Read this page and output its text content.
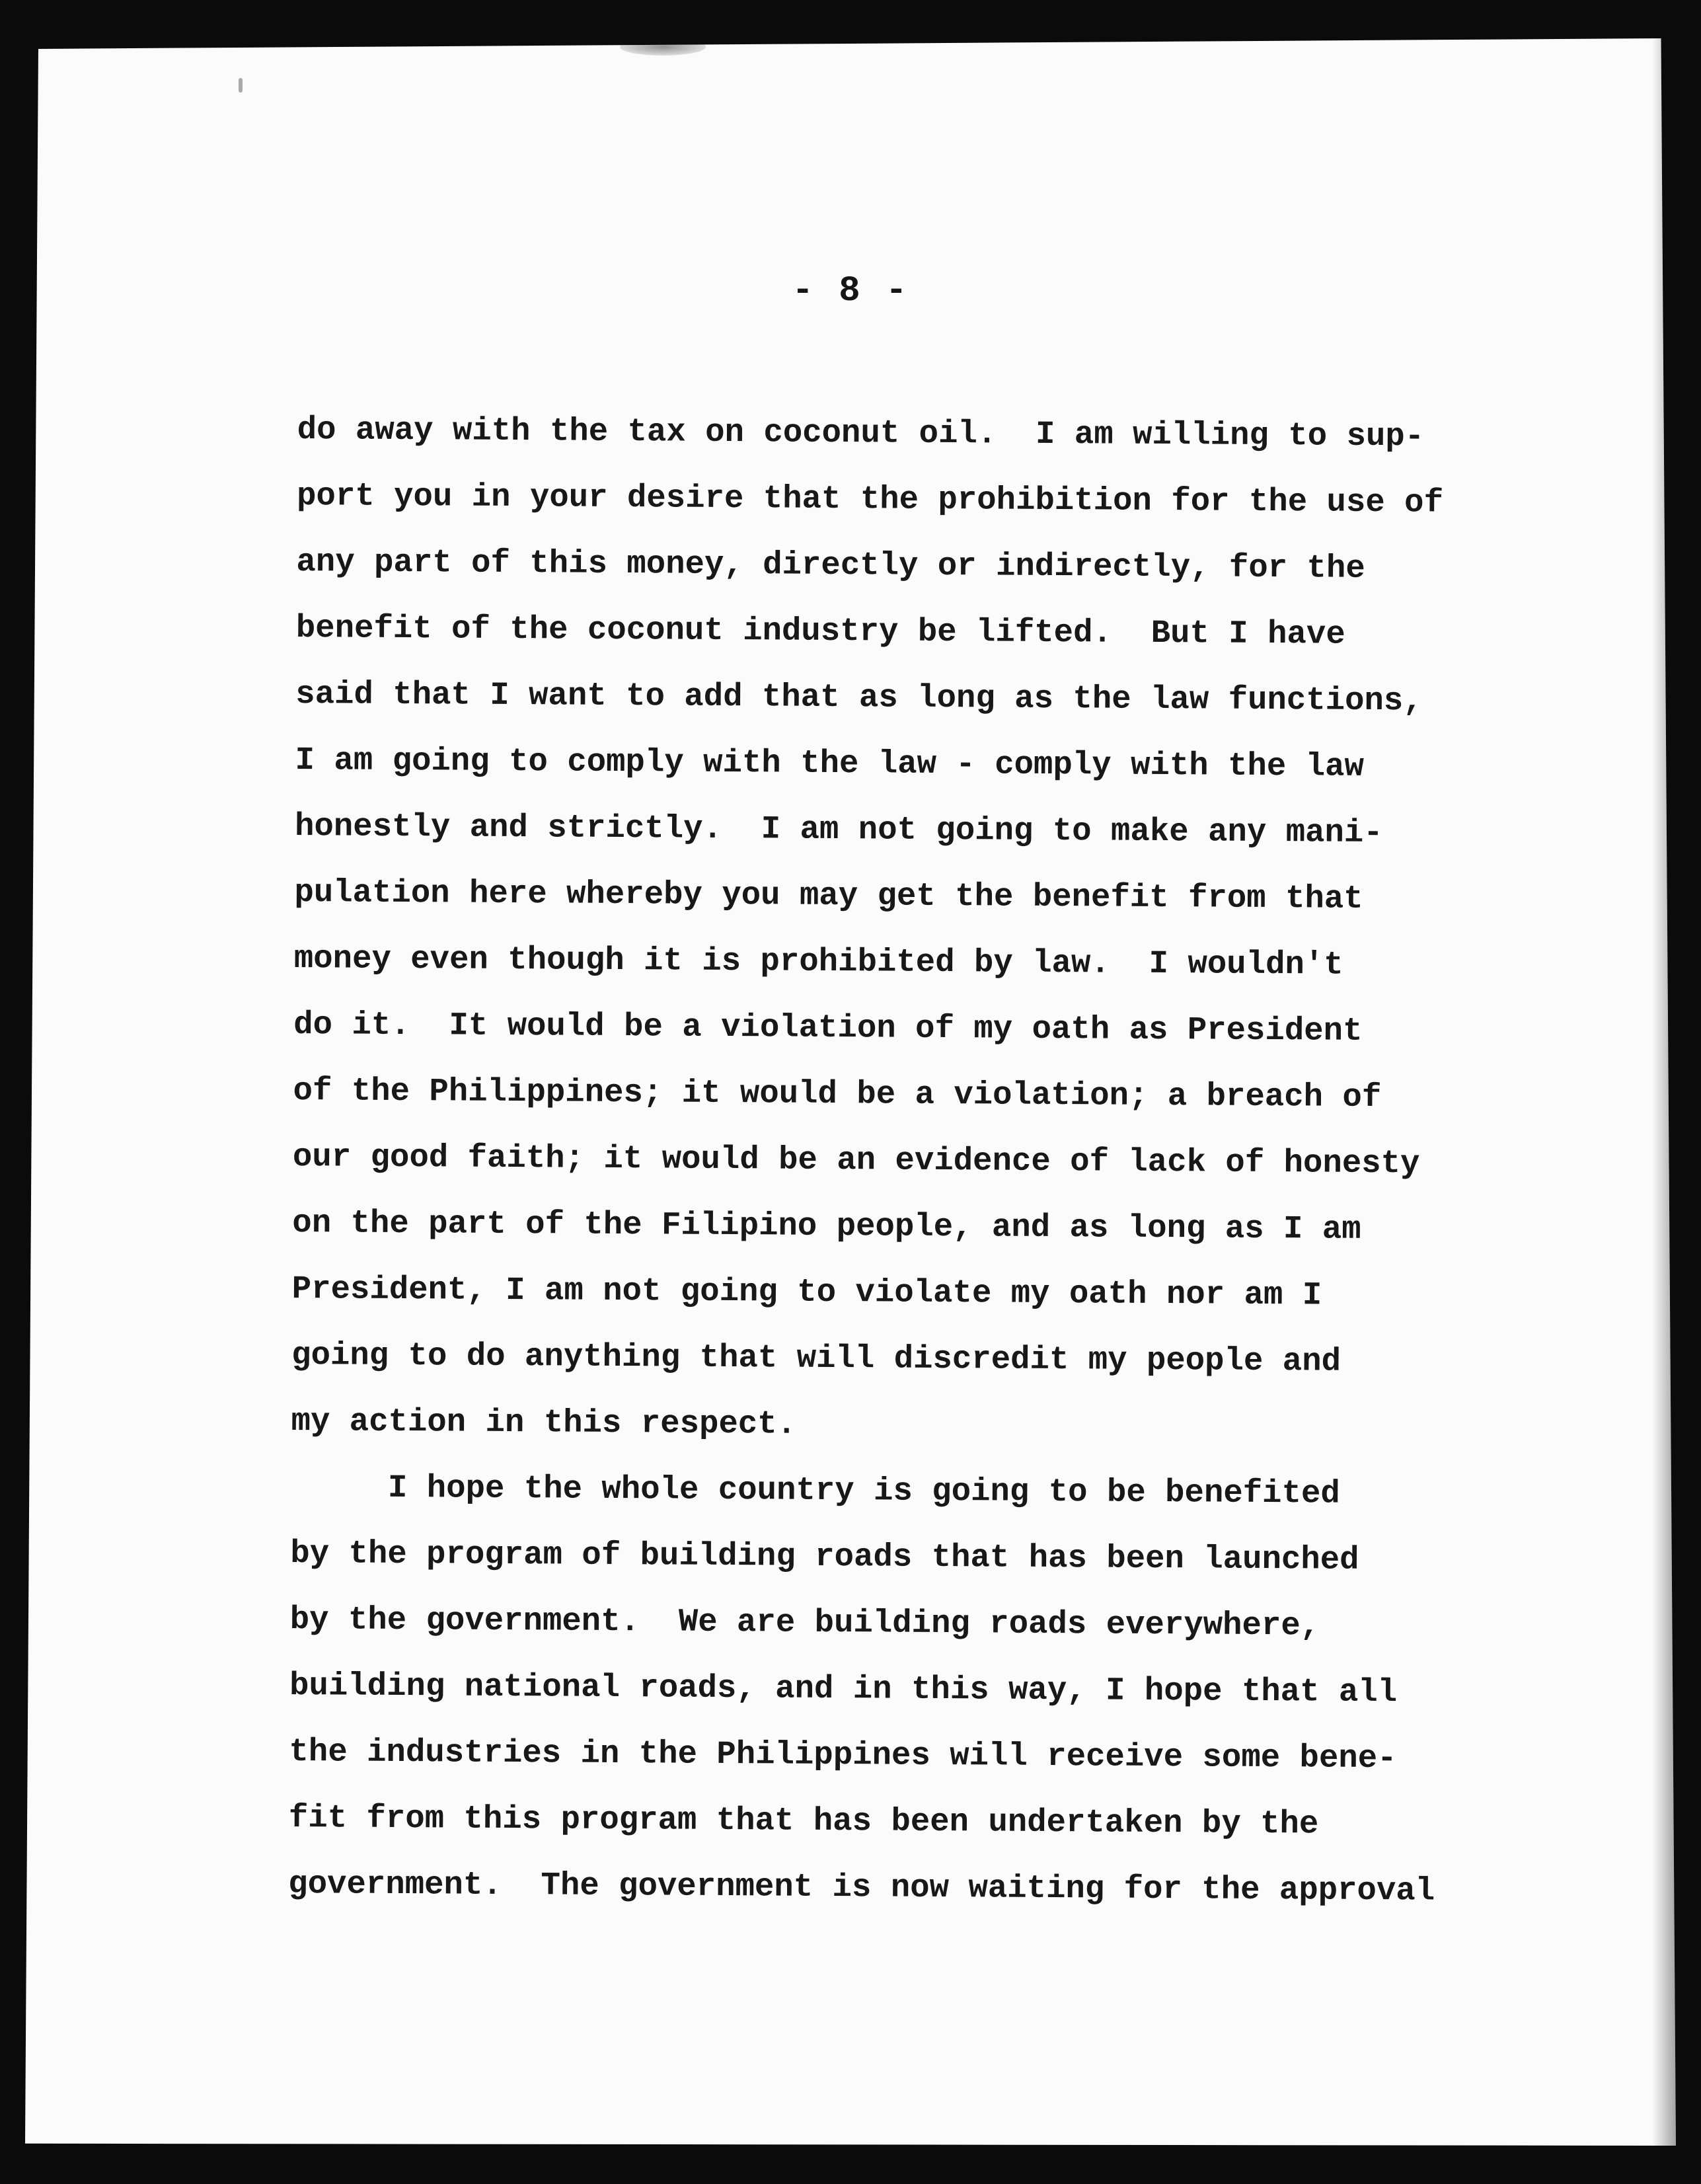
- 8 -
do away with the tax on coconut oil.  I am willing to sup-
port you in your desire that the prohibition for the use of
any part of this money, directly or indirectly, for the
benefit of the coconut industry be lifted.  But I have
said that I want to add that as long as the law functions,
I am going to comply with the law - comply with the law
honestly and strictly.  I am not going to make any mani-
pulation here whereby you may get the benefit from that
money even though it is prohibited by law.  I wouldn't
do it.  It would be a violation of my oath as President
of the Philippines; it would be a violation; a breach of
our good faith; it would be an evidence of lack of honesty
on the part of the Filipino people, and as long as I am
President, I am not going to violate my oath nor am I
going to do anything that will discredit my people and
my action in this respect.
I hope the whole country is going to be benefited
by the program of building roads that has been launched
by the government.  We are building roads everywhere,
building national roads, and in this way, I hope that all
the industries in the Philippines will receive some bene-
fit from this program that has been undertaken by the
government.  The government is now waiting for the approval
